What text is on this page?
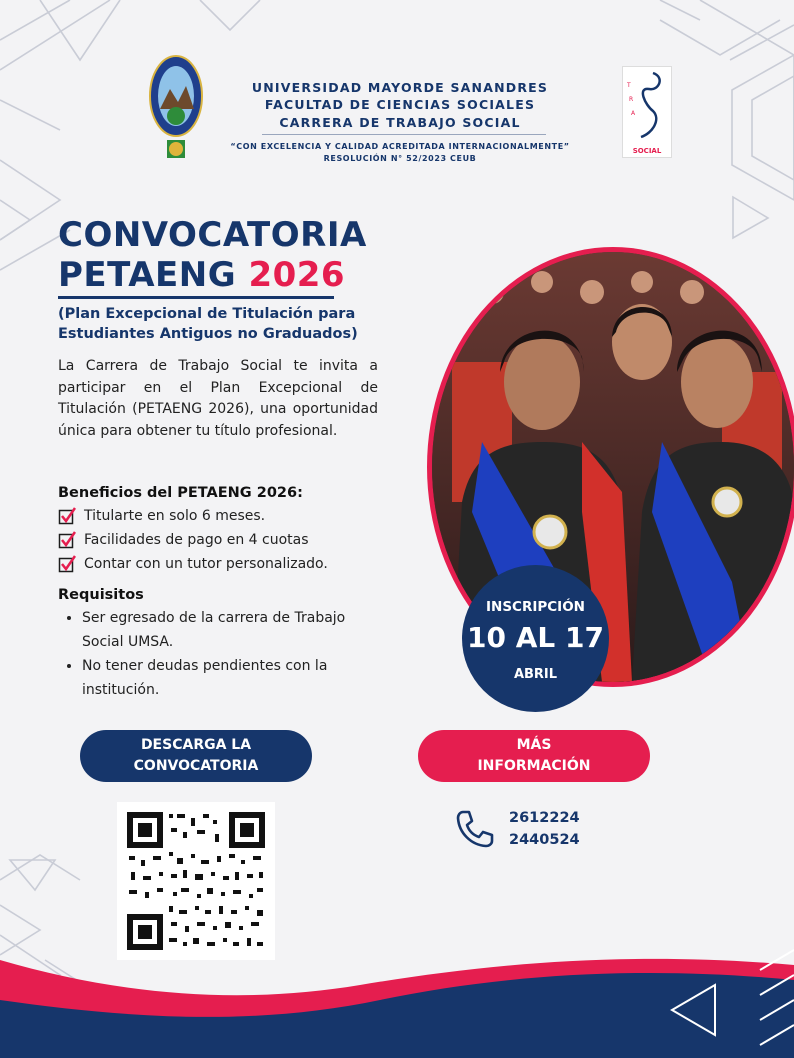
UNIVERSIDAD MAYORDE SANANDRES
FACULTAD DE CIENCIAS SOCIALES
CARRERA DE TRABAJO SOCIAL
“CON EXCELENCIA Y CALIDAD ACREDITADA INTERNACIONALMENTE”
RESOLUCIÓN N° 52/2023 CEUB
T
R
A
SOCIAL
CONVOCATORIA
PETAENG 2026
(Plan Excepcional de Titulación para
Estudiantes Antiguos no Graduados)
La Carrera de Trabajo Social te invita a participar en el Plan Excepcional de Titulación (PETAENG 2026), una oportunidad única para obtener tu título profesional.
Beneficios del PETAENG 2026:
Titularte en solo 6 meses.
Facilidades de pago en 4 cuotas
Contar con un tutor personalizado.
Requisitos
• Ser egresado de la carrera de Trabajo Social UMSA.
• No tener deudas pendientes con la institución.
INSCRIPCIÓN
10 AL 17
ABRIL
DESCARGA LA
CONVOCATORIA
MÁS
INFORMACIÓN
2612224
2440524
